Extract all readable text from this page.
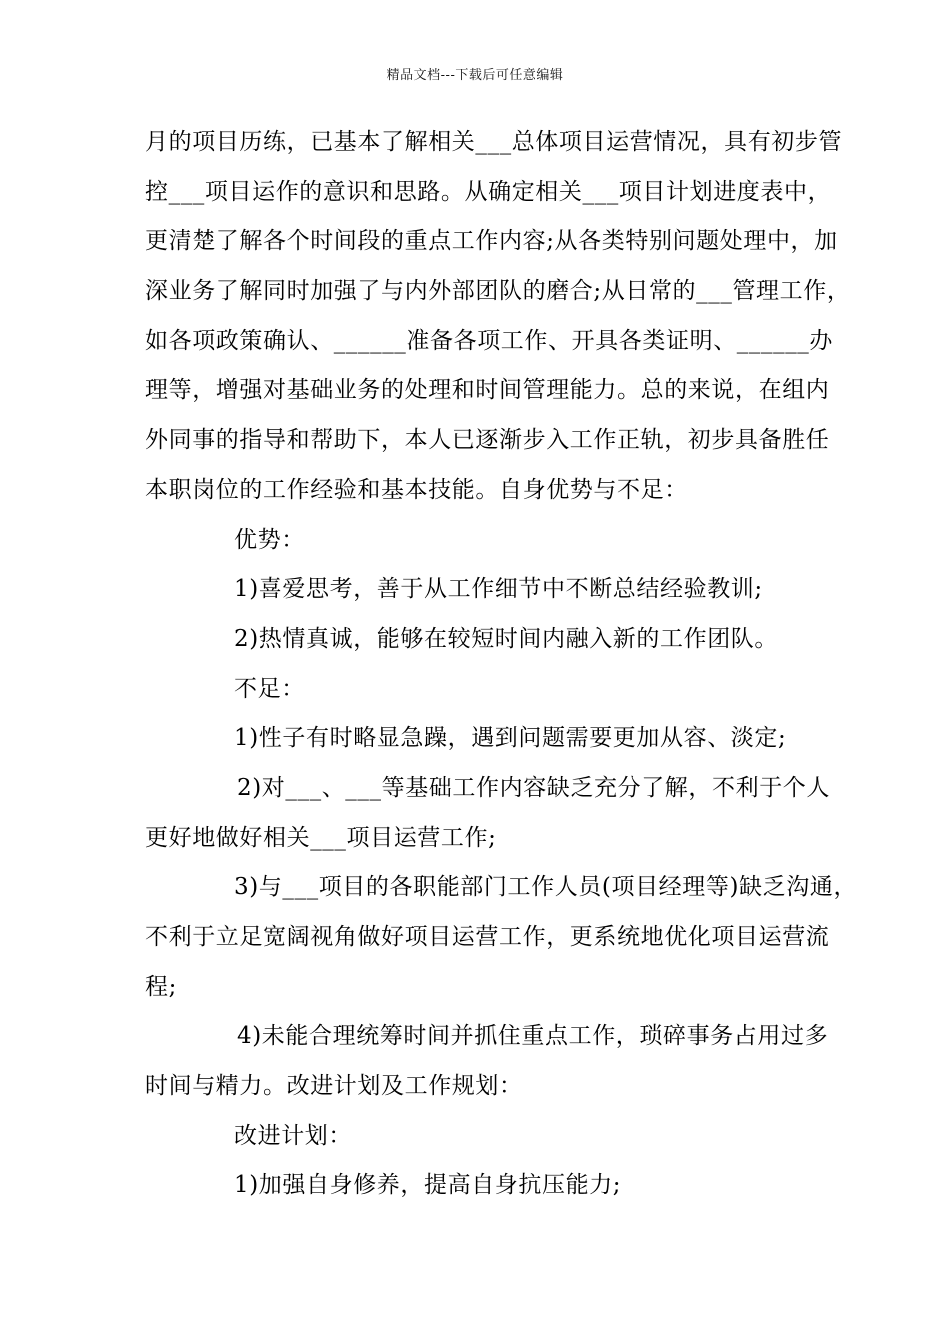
精品文档---下载后可任意编辑
月的项目历练，已基本了解相关___总体项目运营情况，具有初步管
控___项目运作的意识和思路。从确定相关___项目计划进度表中，
更清楚了解各个时间段的重点工作内容;从各类特别问题处理中，加
深业务了解同时加强了与内外部团队的磨合;从日常的___管理工作，
如各项政策确认、______准备各项工作、开具各类证明、______办
理等，增强对基础业务的处理和时间管理能力。总的来说，在组内
外同事的指导和帮助下，本人已逐渐步入工作正轨，初步具备胜任
本职岗位的工作经验和基本技能。自身优势与不足：
优势：
1)喜爱思考，善于从工作细节中不断总结经验教训;
2)热情真诚，能够在较短时间内融入新的工作团队。
不足：
1)性子有时略显急躁，遇到问题需要更加从容、淡定;
2)对___、___等基础工作内容缺乏充分了解，不利于个人
更好地做好相关___项目运营工作;
3)与___项目的各职能部门工作人员(项目经理等)缺乏沟通，
不利于立足宽阔视角做好项目运营工作，更系统地优化项目运营流
程;
4)未能合理统筹时间并抓住重点工作，琐碎事务占用过多
时间与精力。改进计划及工作规划：
改进计划：
1)加强自身修养，提高自身抗压能力;
